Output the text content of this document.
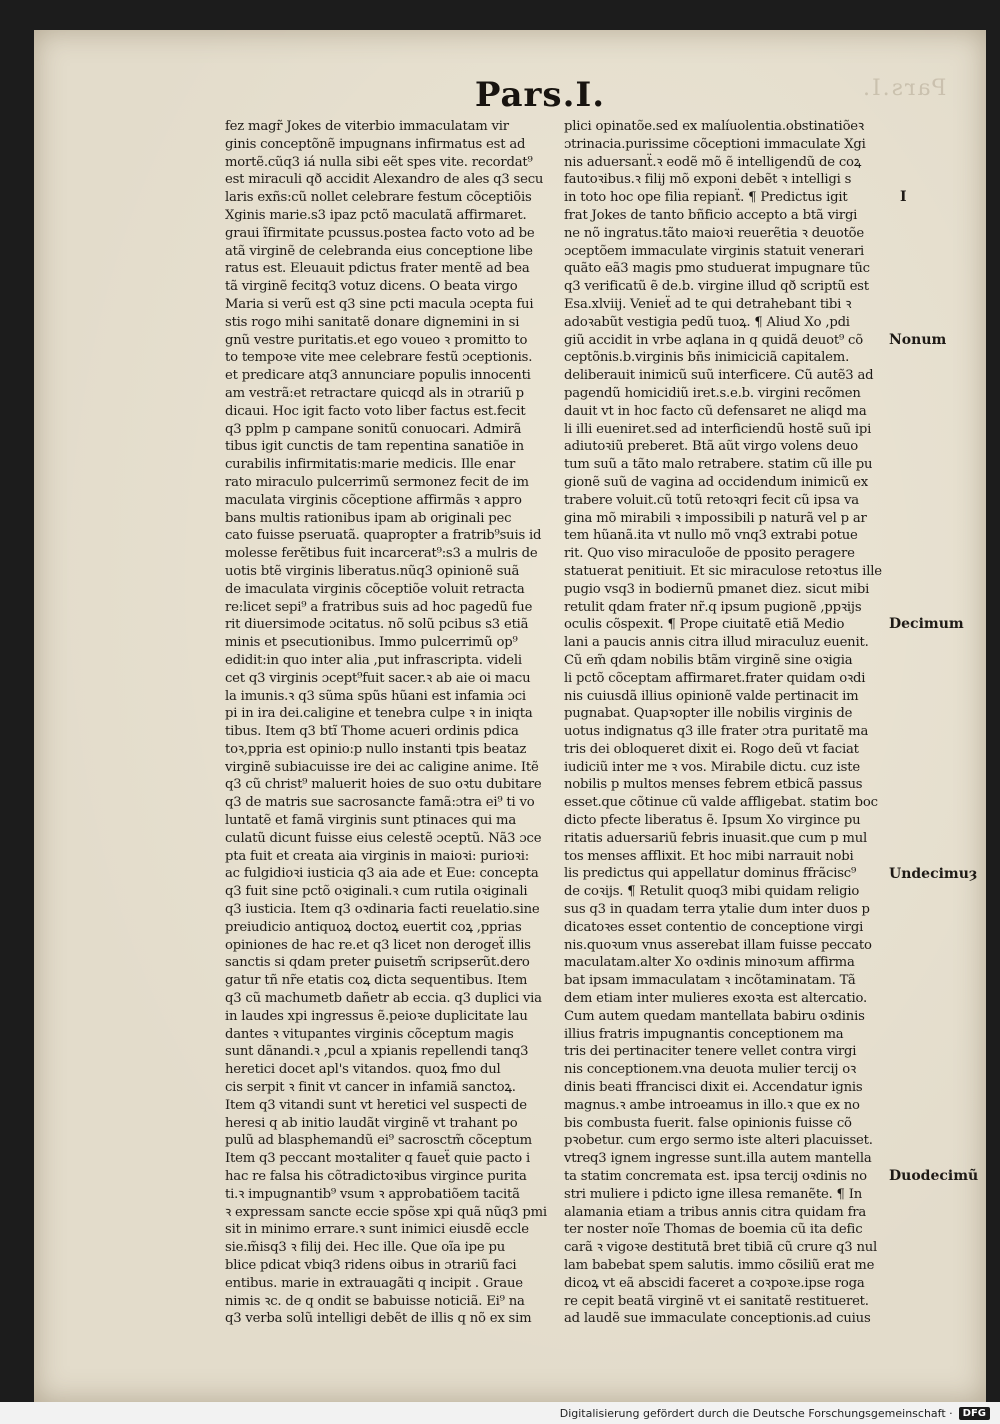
Pars.I.
Pars.I.
fez magr̃ Jokes de viterbio immaculatam vir
ginis conceptõnẽ impugnans infirmatus est ad
mortẽ.cũq3 iá nulla sibi eẽt spes vite. recordat⁹
est miraculi qð accidit Alexandro de ales q3 secu
laris exñs:cũ nollet celebrare festum cõceptiõis
Xginis marie.s3 ipaz pctõ maculatã affirmaret.
graui ĩfirmitate pcussus.postea facto voto ad be
atã virginẽ de celebranda eius conceptione libe
ratus est. Eleuauit pdictus frater mentẽ ad bea
tã virginẽ fecitq3 votuz dicens. O beata virgo
Maria si verũ est q3 sine pcti macula ɔcepta fui
stis rogo mihi sanitatẽ donare dignemini in si
gnũ vestre puritatis.et ego voueo ꝛ promitto to
to tempoꝛe vite mee celebrare festũ ɔceptionis.
et predicare atq3 annunciare populis innocenti
am vestrã:et retractare quicqd als in ɔtrariũ p
dicaui. Hoc igit facto voto liber factus est.fecit
q3 pplm p campane sonitũ conuocari. Admirã
tibus igit cunctis de tam repentina sanatiõe in
curabilis infirmitatis:marie medicis. Ille enar
rato miraculo pulcerrimũ sermonez fecit de im
maculata virginis cõceptione affirmãs ꝛ appro
bans multis rationibus ipam ab originali pec
cato fuisse pseruatã. quapropter a fratrib⁹suis id
molesse ferẽtibus fuit incarcerat⁹:s3 a mulris de
uotis btẽ virginis liberatus.nũq3 opinionẽ suã
de imaculata virginis cõceptiõe voluit retracta
re:licet sepi⁹ a fratribus suis ad hoc pagedũ fue
rit diuersimode ɔcitatus. nõ solũ pcibus s3 etiã
minis et psecutionibus. Immo pulcerrimũ op⁹
edidit:in quo inter alia ,put infrascripta. videli
cet q3 virginis ɔcept⁹fuit sacer.ꝛ ab aie oi macu
la imunis.ꝛ q3 sũma spũs hũani est infamia ɔci
pi in ira dei.caligine et tenebra culpe ꝛ in iniqta
tibus. Item q3 btĩ Thome acueri ordinis pdica
toꝛ,ppria est opinio:p nullo instanti tpis beataz
virginẽ subiacuisse ire dei ac caligine anime. Itẽ
q3 cũ christ⁹ maluerit hoies de suo oꝛtu dubitare
q3 de matris sue sacrosancte famã:ɔtra ei⁹ ti vo
luntatẽ et famã virginis sunt ptinaces qui ma
culatũ dicunt fuisse eius celestẽ ɔceptũ. Nã3 ɔce
pta fuit et creata aia virginis in maioꝛi: purioꝛi:
ac fulgidioꝛi iusticia q3 aia ade et Eue: concepta
q3 fuit sine pctõ oꝛiginali.ꝛ cum rutila oꝛiginali
q3 iusticia. Item q3 oꝛdinaria facti reuelatio.sine
preiudicio antiquoꝝ doctoꝝ euertit coꝝ ,pprias
opiniones de hac re.et q3 licet non derogeẗ illis
sanctis si qdam preter ꝑuisetm̃ scripserũt.dero
gatur tñ nr̃e etatis coꝝ dicta sequentibus. Item
q3 cũ machumetb dañetr ab eccia. q3 duplici via
in laudes xpi ingressus ẽ.peioꝛe duplicitate lau
dantes ꝛ vitupantes virginis cõceptum magis
sunt dãnandi.ꝛ ,pcul a xpianis repellendi tanq3
heretici docet apl's vitandos. quoꝝ fmo dul
cis serpit ꝛ finit vt cancer in infamiã sanctoꝝ.
Item q3 vitandi sunt vt heretici vel suspecti de
heresi q ab initio laudãt virginẽ vt trahant po
pulũ ad blasphemandũ ei⁹ sacrosctm̃ cõceptum
Item q3 peccant moꝛtaliter q faueẗ quie pacto i
hac re falsa his cõtradictoꝛibus virgince purita
ti.ꝛ impugnantib⁹ vsum ꝛ approbatiõem tacitã
ꝛ expressam sancte eccie spõse xpi quã nũq3 pmi
sit in minimo errare.ꝛ sunt inimici eiusdẽ eccle
sie.m̃isq3 ꝛ filij dei. Hec ille. Que oĩa ipe pu
blice pdicat vbiq3 ridens oibus in ɔtrariũ faci
entibus. marie in extrauagãti q incipit . Graue
nimis ꝛc. de q ondit se babuisse noticiã. Ei⁹ na
q3 verba solũ intelligi debẽt de illis q nõ ex sim
plici opinatõe.sed ex malíuolentia.obstinatiõeꝛ
ɔtrinacia.purissime cõceptioni immaculate Xgi
nis aduersanẗ.ꝛ eodẽ mõ ẽ intelligendũ de coꝝ
fautoꝛibus.ꝛ filij mõ exponi debẽt ꝛ intelligi s
in toto hoc ope filia repianẗ. ¶ Predictus igit
frat Jokes de tanto bñficio accepto a btã virgi
ne nõ ingratus.tãto maioꝛi reuerẽtia ꝛ deuotõe
ɔceptõem immaculate virginis statuit venerari
quãto eã3 magis pmo studuerat impugnare tũc
q3 verificatũ ẽ de.b. virgine illud qð scriptũ est
Esa.xlviij. Venieẗ ad te qui detrahebant tibi ꝛ
adoꝛabũt vestigia pedũ tuoꝝ. ¶ Aliud Xo ,pdi
giũ accidit in vrbe aqlana in q quidã deuot⁹ cõ
ceptõnis.b.virginis bñs inimiciciã capitalem.
deliberauit inimicũ suũ interficere. Cũ autẽ3 ad
pagendũ homicidiũ iret.s.e.b. virgini recõmen
dauit vt in hoc facto cũ defensaret ne aliqd ma
li illi eueniret.sed ad interficiendũ hostẽ suũ ipi
adiutoꝛiũ preberet. Btã aũt virgo volens deuo
tum suũ a tãto malo retrabere. statim cũ ille pu
gionẽ suũ de vagina ad occidendum inimicũ ex
trabere voluit.cũ totũ retoꝛqri fecit cũ ipsa va
gina mõ mirabili ꝛ impossibili p naturã vel p ar
tem hũanã.ita vt nullo mõ vnq3 extrabi potue
rit. Quo viso miraculoõe de pposito peragere
statuerat penitiuit. Et sic miraculose retoꝛtus ille
pugio vsq3 in bodiernũ pmanet diez. sicut mibi
retulit qdam frater nr̃.q ipsum pugionẽ ,ppꝛijs
oculis cõspexit. ¶ Prope ciuitatẽ etiã Medio
lani a paucis annis citra illud miraculuz euenit.
Cũ em̃ qdam nobilis btãm virginẽ sine oꝛigia
li pctõ cõceptam affirmaret.frater quidam oꝛdi
nis cuiusdã illius opinionẽ valde pertinacit im
pugnabat. Quapꝛopter ille nobilis virginis de
uotus indignatus q3 ille frater ɔtra puritatẽ ma
tris dei obloqueret dixit ei. Rogo deũ vt faciat
iudiciũ inter me ꝛ vos. Mirabile dictu. cuz iste
nobilis p multos menses febrem etbicã passus
esset.que cõtinue cũ valde affligebat. statim boc
dicto pfecte liberatus ẽ. Ipsum Xo virgince pu
ritatis aduersariũ febris inuasit.que cum p mul
tos menses afflixit. Et hoc mibi narrauit nobi
lis predictus qui appellatur dominus ffrãcisc⁹
de coꝛijs. ¶ Retulit quoq3 mibi quidam religio
sus q3 in quadam terra ytalie dum inter duos p
dicatoꝛes esset contentio de conceptione virgi
nis.quoꝛum vnus asserebat illam fuisse peccato
maculatam.alter Xo oꝛdinis minoꝛum affirma
bat ipsam immaculatam ꝛ incõtaminatam. Tã
dem etiam inter mulieres exoꝛta est altercatio.
Cum autem quedam mantellata babiru oꝛdinis
illius fratris impugnantis conceptionem ma
tris dei pertinaciter tenere vellet contra virgi
nis conceptionem.vna deuota mulier tercij oꝛ
dinis beati ffrancisci dixit ei. Accendatur ignis
magnus.ꝛ ambe introeamus in illo.ꝛ que ex no
bis combusta fuerit. false opinionis fuisse cõ
pꝛobetur. cum ergo sermo iste alteri placuisset.
vtreq3 ignem ingresse sunt.illa autem mantella
ta statim concremata est. ipsa tercij oꝛdinis no
stri muliere i pdicto igne illesa remanẽte. ¶ In
alamania etiam a tribus annis citra quidam fra
ter noster noĩe Thomas de boemia cũ ita defic
carã ꝛ vigoꝛe destitutã bret tibiã cũ crure q3 nul
lam babebat spem salutis. immo cõsiliũ erat me
dicoꝝ vt eã abscidi faceret a coꝛpoꝛe.ipse roga
re cepit beatã virginẽ vt ei sanitatẽ restitueret.
ad laudẽ sue immaculate conceptionis.ad cuius
I
Nonum
Decimum
Undecimuȝ
Duodecimũ
Digitalisierung gefördert durch die Deutsche Forschungsgemeinschaft ·	DFG
